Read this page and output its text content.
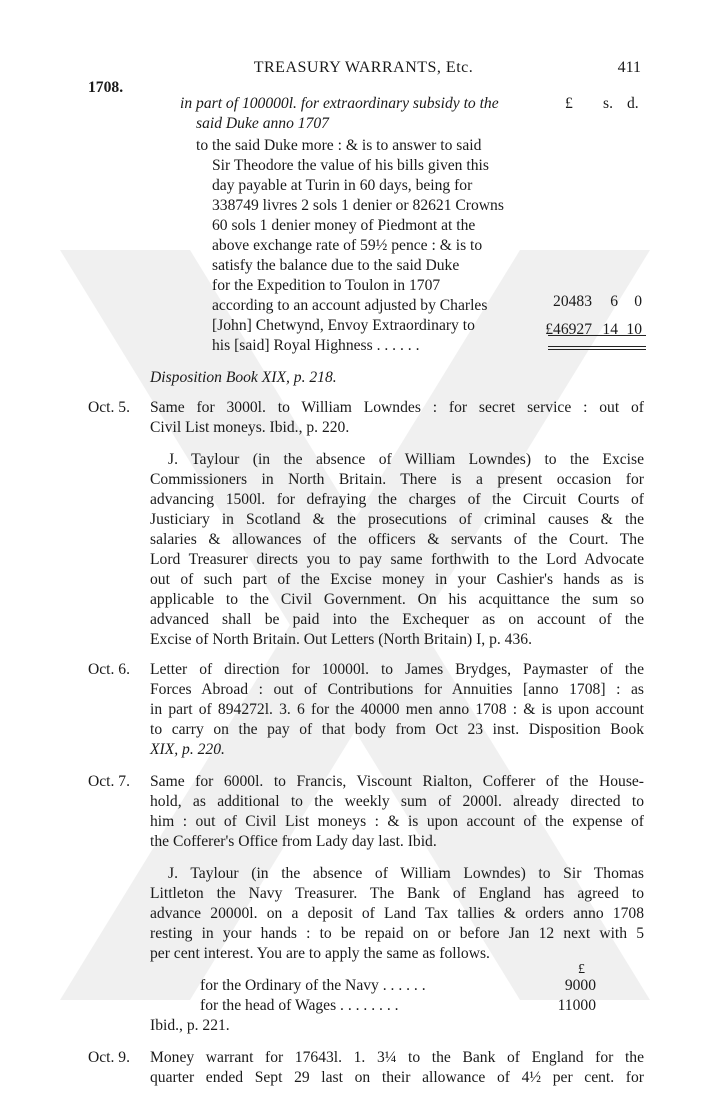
TREASURY WARRANTS, Etc.	411
1708.
in part of 100000l. for extraordinary subsidy to the
said Duke anno 1707
£ s. d.
to the said Duke more : & is to answer to said
Sir Theodore the value of his bills given this
day payable at Turin in 60 days, being for
338749 livres 2 sols 1 denier or 82621 Crowns
60 sols 1 denier money of Piedmont at the
above exchange rate of 59½ pence : & is to
satisfy the balance due to the said Duke
for the Expedition to Toulon in 1707
according to an account adjusted by Charles
[John] Chetwynd, Envoy Extraordinary to
his [said] Royal Highness . . . . . .
20483	6	0
£46927 14 10
Disposition Book XIX, p. 218.
Oct. 5. Same for 3000l. to William Lowndes : for secret service : out of
Civil List moneys. Ibid., p. 220.
J. Taylour (in the absence of William Lowndes) to the Excise
Commissioners in North Britain. There is a present occasion for
advancing 1500l. for defraying the charges of the Circuit Courts of
Justiciary in Scotland & the prosecutions of criminal causes & the
salaries & allowances of the officers & servants of the Court. The
Lord Treasurer directs you to pay same forthwith to the Lord Advocate
out of such part of the Excise money in your Cashier's hands as is
applicable to the Civil Government. On his acquittance the sum so
advanced shall be paid into the Exchequer as on account of the
Excise of North Britain. Out Letters (North Britain) I, p. 436.
Oct. 6. Letter of direction for 10000l. to James Brydges, Paymaster of the
Forces Abroad : out of Contributions for Annuities [anno 1708] : as
in part of 894272l. 3. 6 for the 40000 men anno 1708 : & is upon account
to carry on the pay of that body from Oct 23 inst. Disposition Book
XIX, p. 220.
Oct. 7. Same for 6000l. to Francis, Viscount Rialton, Cofferer of the House-
hold, as additional to the weekly sum of 2000l. already directed to
him : out of Civil List moneys : & is upon account of the expense of
the Cofferer's Office from Lady day last. Ibid.
J. Taylour (in the absence of William Lowndes) to Sir Thomas
Littleton the Navy Treasurer. The Bank of England has agreed to
advance 20000l. on a deposit of Land Tax tallies & orders anno 1708
resting in your hands : to be repaid on or before Jan 12 next with 5
per cent interest. You are to apply the same as follows.
£
for the Ordinary of the Navy . . . . . .	9000
for the head of Wages . . . . . . . .	11000
Ibid., p. 221.
Oct. 9. Money warrant for 17643l. 1. 3¼ to the Bank of England for the
quarter ended Sept 29 last on their allowance of 4½ per cent. for
